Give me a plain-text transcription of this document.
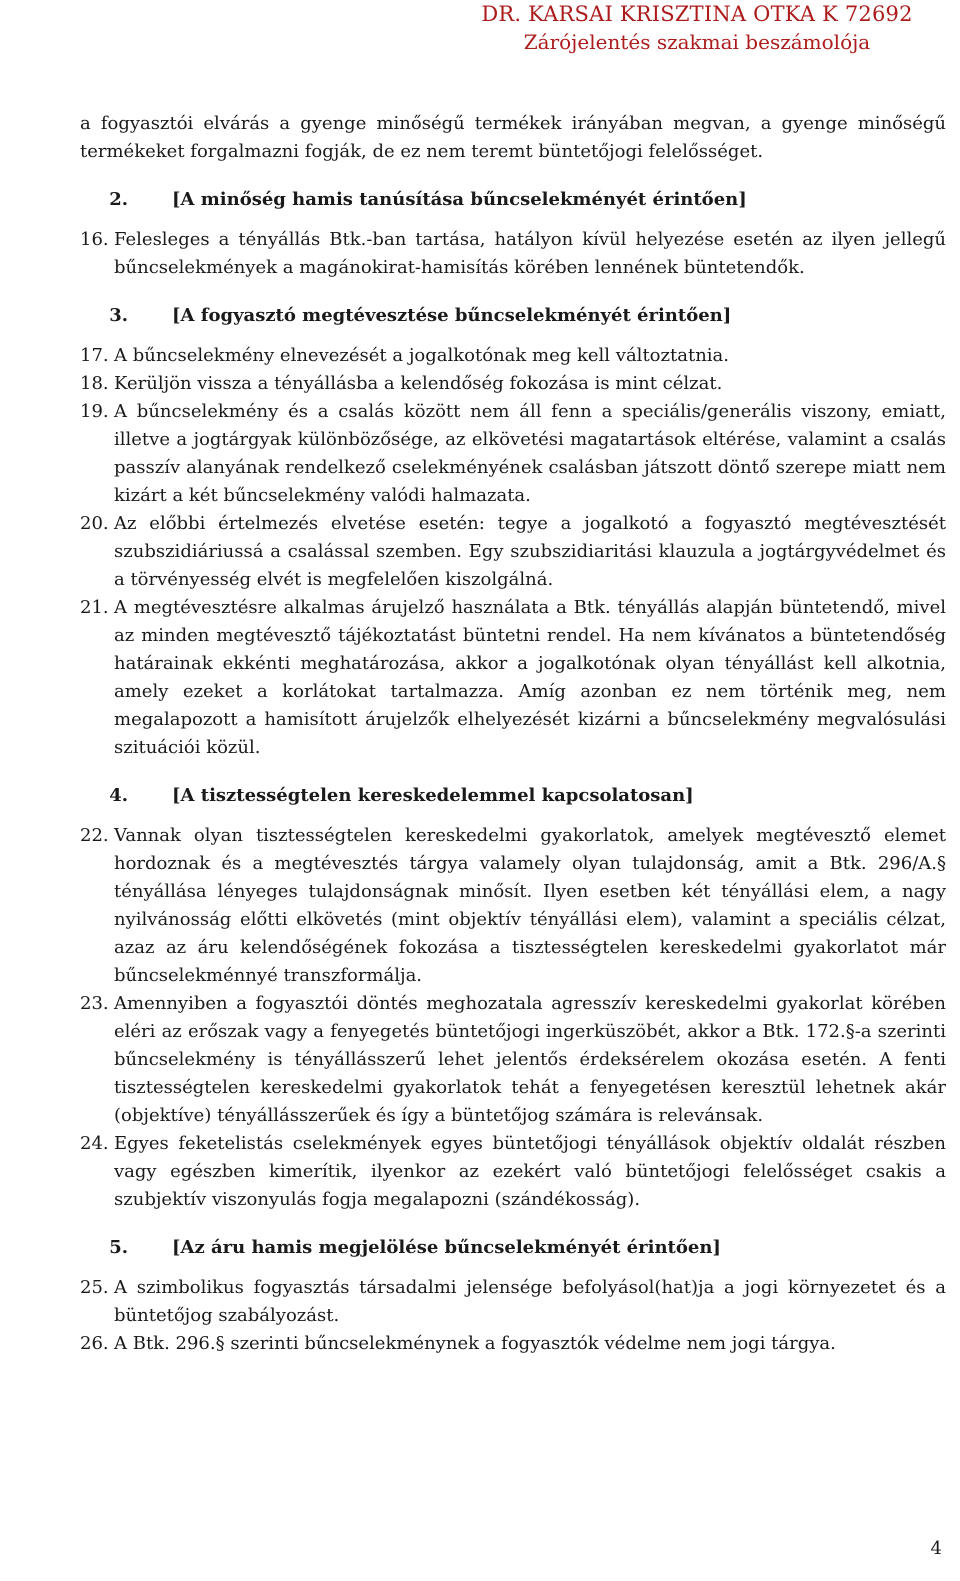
DR. KARSAI KRISZTINA OTKA K 72692
Zárójelentés szakmai beszámolója

a fogyasztói elvárás a gyenge minőségű termékek irányában megvan, a gyenge minőségű termékeket forgalmazni fogják, de ez nem teremt büntetőjogi felelősséget.

2.	[A minőség hamis tanúsítása bűncselekményét érintően]
16. Felesleges a tényállás Btk.-ban tartása, hatályon kívül helyezése esetén az ilyen jellegű bűncselekmények a magánokirat-hamisítás körében lennének büntetendők.
3.	[A fogyasztó megtévesztése bűncselekményét érintően]
17. A bűncselekmény elnevezését a jogalkotónak meg kell változtatnia.
18. Kerüljön vissza a tényállásba a kelendőség fokozása is mint célzat.
19. A bűncselekmény és a csalás között nem áll fenn a speciális/generális viszony, emiatt, illetve a jogtárgyak különbözősége, az elkövetési magatartások eltérése, valamint a csalás passzív alanyának rendelkező cselekményének csalásban játszott döntő szerepe miatt nem kizárt a két bűncselekmény valódi halmazata.
20. Az előbbi értelmezés elvetése esetén: tegye a jogalkotó a fogyasztó megtévesztését szubszidiáriussá a csalással szemben. Egy szubszidiaritási klauzula a jogtárgyvédelmet és a törvényesség elvét is megfelelően kiszolgálná.
21. A megtévesztésre alkalmas árujelző használata a Btk. tényállás alapján büntetendő, mivel az minden megtévesztő tájékoztatást büntetni rendel. Ha nem kívánatos a büntetendőség határainak ekkénti meghatározása, akkor a jogalkotónak olyan tényállást kell alkotnia, amely ezeket a korlátokat tartalmazza. Amíg azonban ez nem történik meg, nem megalapozott a hamisított árujelzők elhelyezését kizárni a bűncselekmény megvalósulási szituációi közül.
4.	[A tisztességtelen kereskedelemmel kapcsolatosan]
22. Vannak olyan tisztességtelen kereskedelmi gyakorlatok, amelyek megtévesztő elemet hordoznak és a megtévesztés tárgya valamely olyan tulajdonság, amit a Btk. 296/A.§ tényállása lényeges tulajdonságnak minősít. Ilyen esetben két tényállási elem, a nagy nyilvánosság előtti elkövetés (mint objektív tényállási elem), valamint a speciális célzat, azaz az áru kelendőségének fokozása a tisztességtelen kereskedelmi gyakorlatot már bűncselekménnyé transzformálja.
23. Amennyiben a fogyasztói döntés meghozatala agresszív kereskedelmi gyakorlat körében eléri az erőszak vagy a fenyegetés büntetőjogi ingerküszöbét, akkor a Btk. 172.§-a szerinti bűncselekmény is tényállásszerű lehet jelentős érdeksérelem okozása esetén. A fenti tisztességtelen kereskedelmi gyakorlatok tehát a fenyegetésen keresztül lehetnek akár (objektíve) tényállásszerűek és így a büntetőjog számára is relevánsak.
24. Egyes feketelistás cselekmények egyes büntetőjogi tényállások objektív oldalát részben vagy egészben kimerítik, ilyenkor az ezekért való büntetőjogi felelősséget csakis a szubjektív viszonyulás fogja megalapozni (szándékosság).
5.	[Az áru hamis megjelölése bűncselekményét érintően]
25. A szimbolikus fogyasztás társadalmi jelensége befolyásol(hat)ja a jogi környezetet és a büntetőjog szabályozást.
26. A Btk. 296.§ szerinti bűncselekménynek a fogyasztók védelme nem jogi tárgya.
4
